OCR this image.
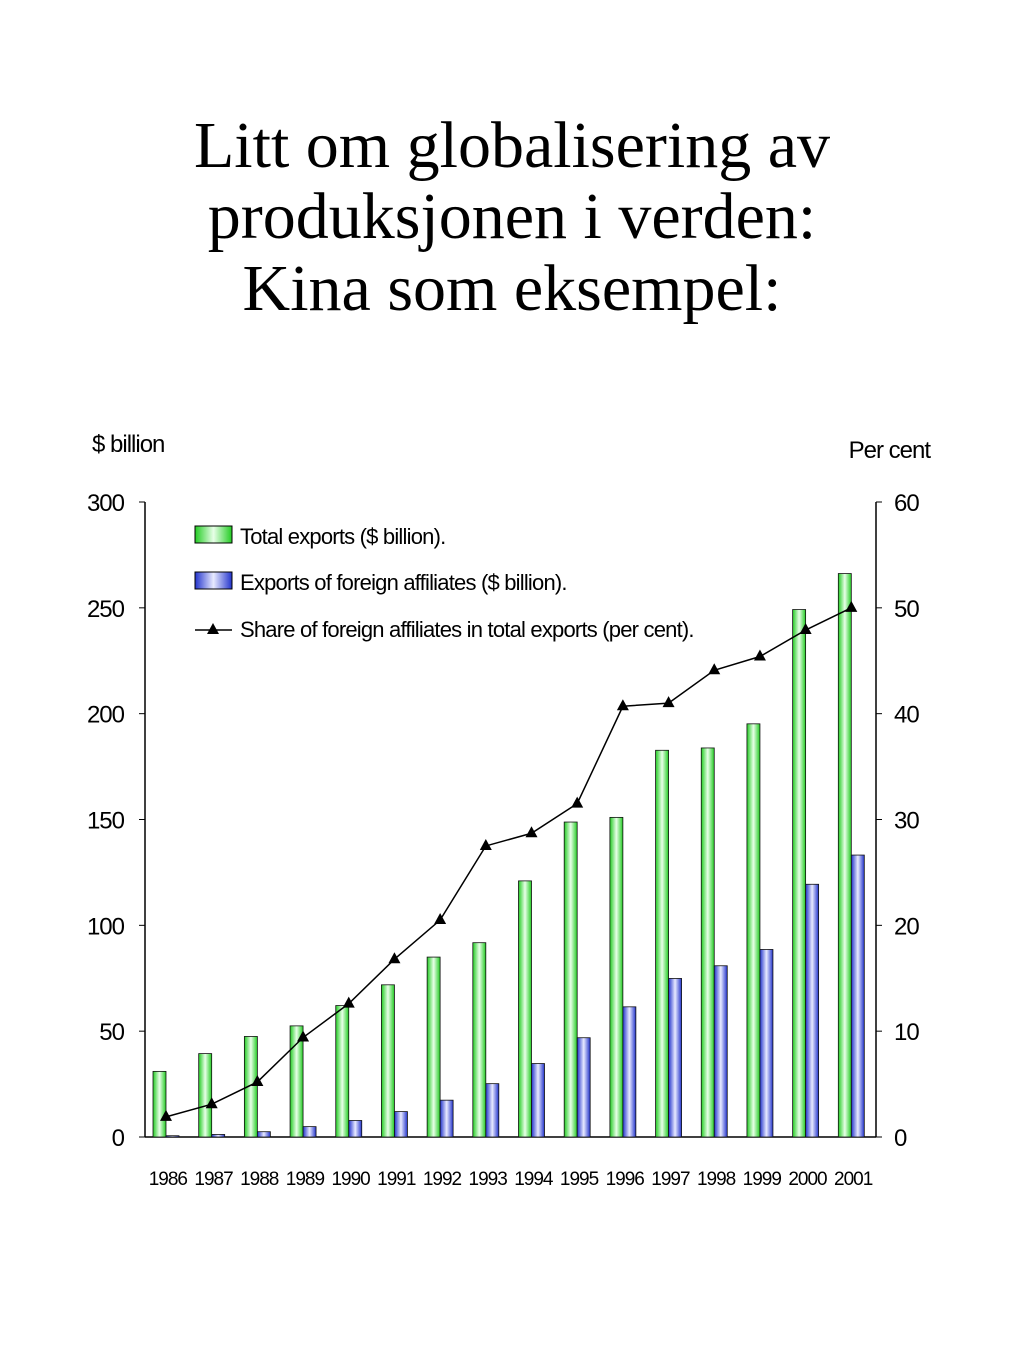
Litt om globalisering av
produksjonen i verden:
Kina som eksempel:
$ billion	Per cent
0
50
100
150
200
250
300
0
10
20
30
40
50
60
1986 1987 1988 1989 1990 1991 1992 1993 1994 1995 1996 1997 1998 1999 2000 2001
Total exports ($ billion).
Exports of foreign affiliates ($ billion).
Share of foreign affiliates in total exports (per cent).
